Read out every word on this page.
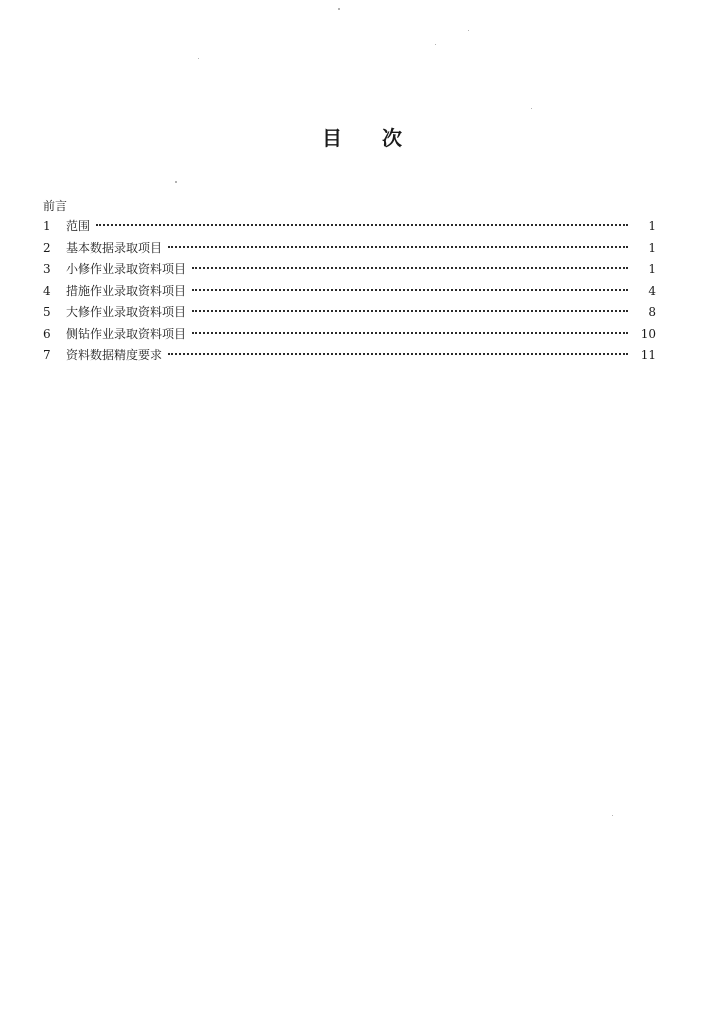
目 次
前言
1	范围	1
2	基本数据录取项目	1
3	小修作业录取资料项目	1
4	措施作业录取资料项目	4
5	大修作业录取资料项目	8
6	侧钻作业录取资料项目	10
7	资料数据精度要求	11
